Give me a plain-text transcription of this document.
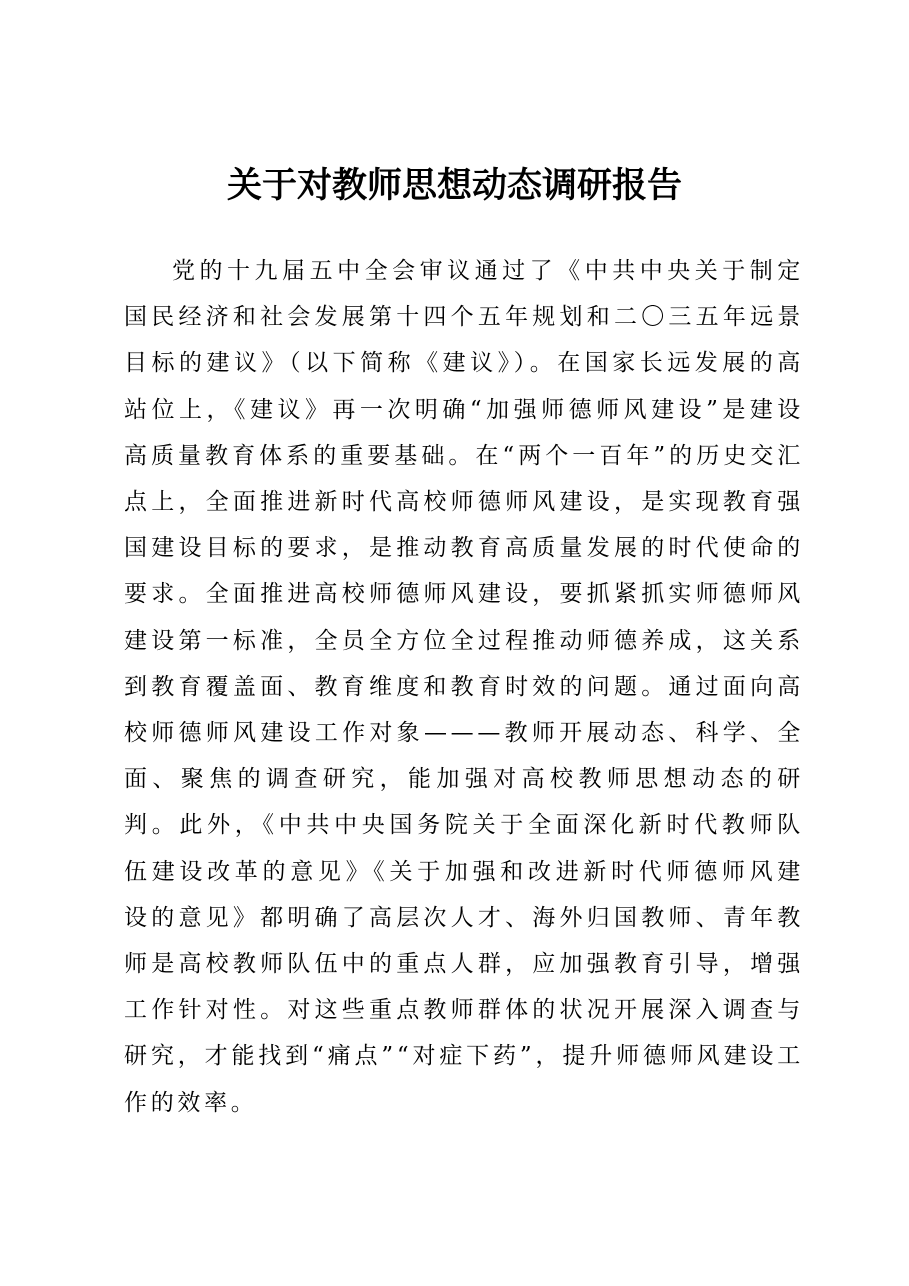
关于对教师思想动态调研报告

党的十九届五中全会审议通过了《中共中央关于制定国民经济和社会发展第十四个五年规划和二〇三五年远景目标的建议》（以下简称《建议》）。在国家长远发展的高站位上，《建议》再一次明确“加强师德师风建设”是建设高质量教育体系的重要基础。在“两个一百年”的历史交汇点上，全面推进新时代高校师德师风建设，是实现教育强国建设目标的要求，是推动教育高质量发展的时代使命的要求。全面推进高校师德师风建设，要抓紧抓实师德师风建设第一标准，全员全方位全过程推动师德养成，这关系到教育覆盖面、教育维度和教育时效的问题。通过面向高校师德师风建设工作对象———教师开展动态、科学、全面、聚焦的调查研究，能加强对高校教师思想动态的研判。此外，《中共中央国务院关于全面深化新时代教师队伍建设改革的意见》《关于加强和改进新时代师德师风建设的意见》都明确了高层次人才、海外归国教师、青年教师是高校教师队伍中的重点人群，应加强教育引导，增强工作针对性。对这些重点教师群体的状况开展深入调查与研究，才能找到“痛点”“对症下药”，提升师德师风建设工作的效率。
